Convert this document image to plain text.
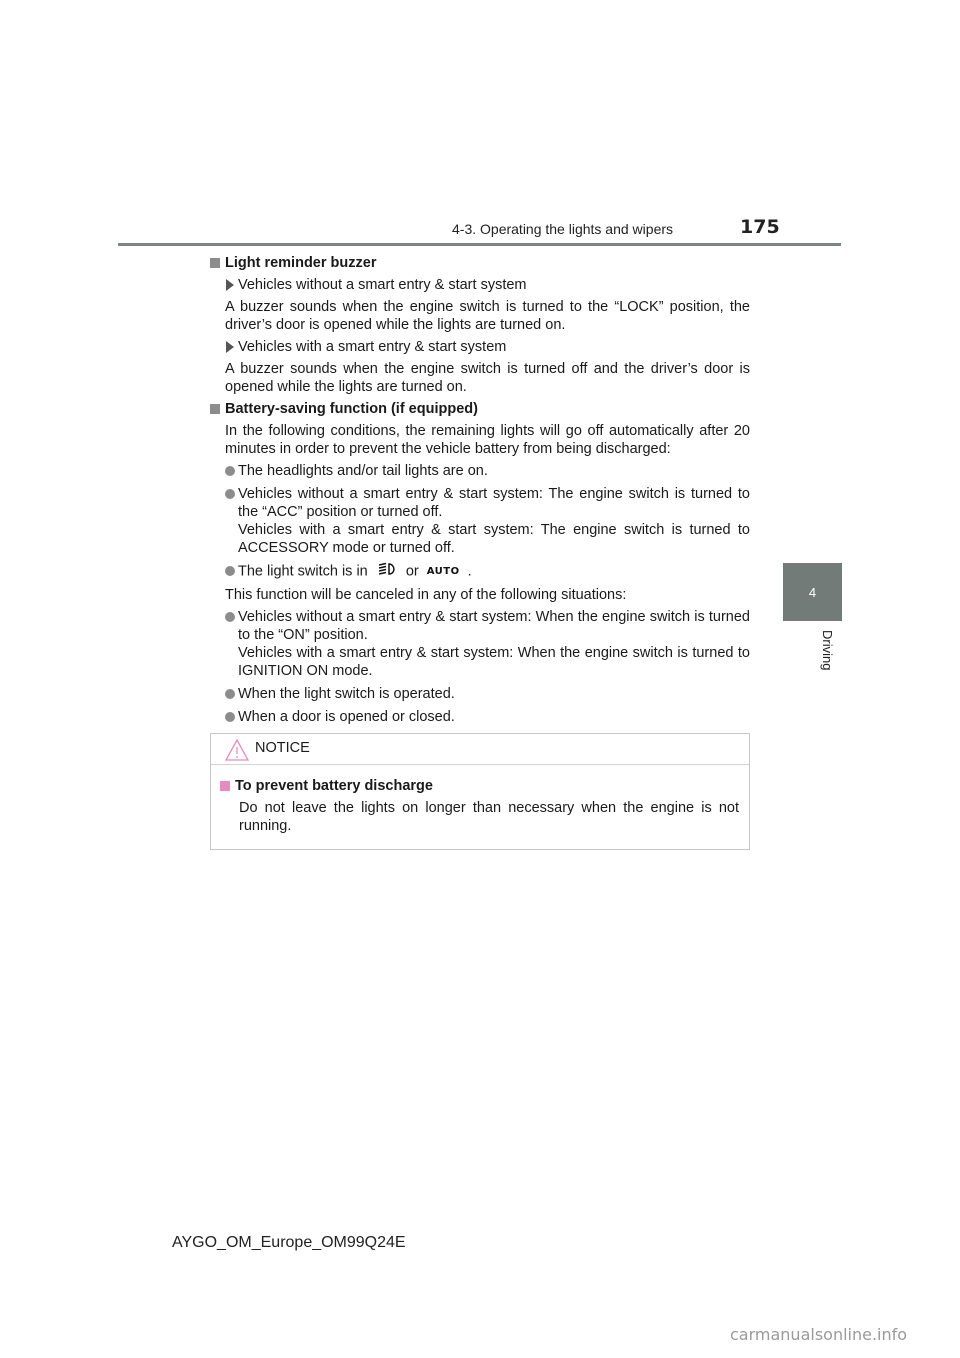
4-3. Operating the lights and wipers	175
4
Driving
Light reminder buzzer
Vehicles without a smart entry & start system
A buzzer sounds when the engine switch is turned to the “LOCK” position, the driver’s door is opened while the lights are turned on.
Vehicles with a smart entry & start system
A buzzer sounds when the engine switch is turned off and the driver’s door is opened while the lights are turned on.
Battery-saving function (if equipped)
In the following conditions, the remaining lights will go off automatically after 20 minutes in order to prevent the vehicle battery from being discharged:
The headlights and/or tail lights are on.
Vehicles without a smart entry & start system: The engine switch is turned to the “ACC” position or turned off.
Vehicles with a smart entry & start system: The engine switch is turned to ACCESSORY mode or turned off.
The light switch is in	or AUTO .
This function will be canceled in any of the following situations:
Vehicles without a smart entry & start system: When the engine switch is turned to the “ON” position.
Vehicles with a smart entry & start system: When the engine switch is turned to IGNITION ON mode.
When the light switch is operated.
When a door is opened or closed.
NOTICE
To prevent battery discharge
Do not leave the lights on longer than necessary when the engine is not running.
AYGO_OM_Europe_OM99Q24E
carmanualsonline.info
